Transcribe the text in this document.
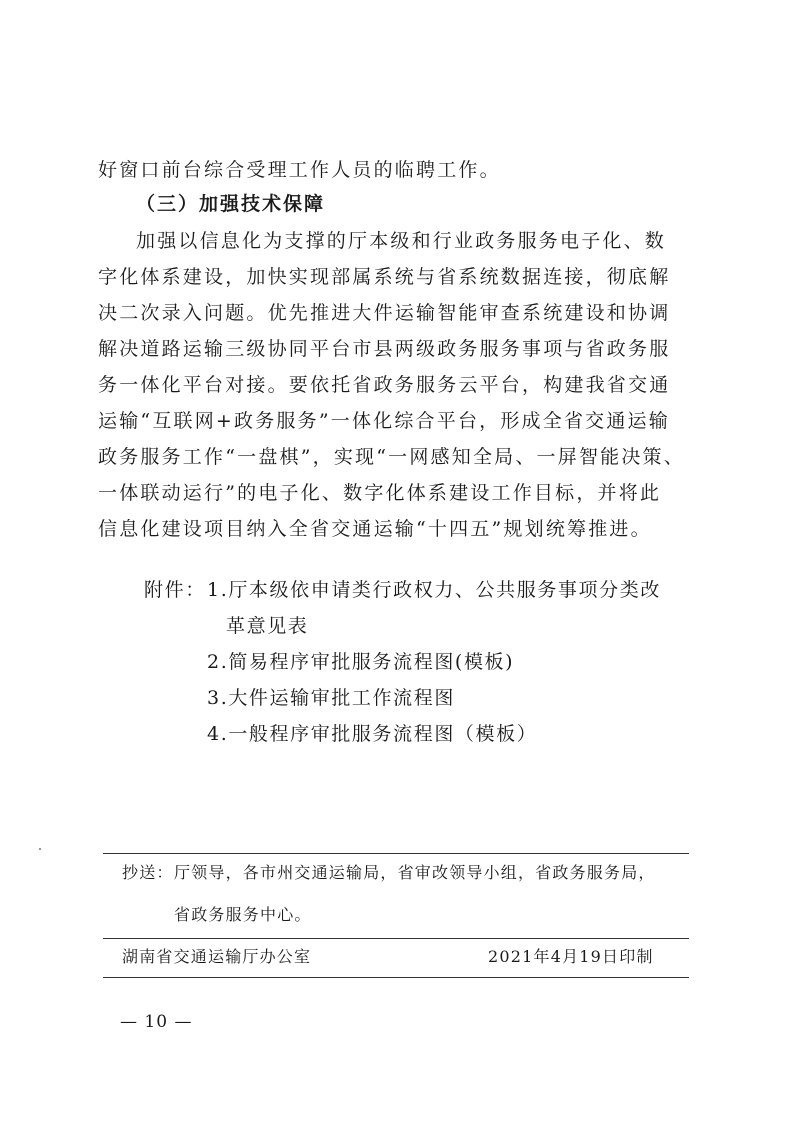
好窗口前台综合受理工作人员的临聘工作。
（三）加强技术保障
加强以信息化为支撑的厅本级和行业政务服务电子化、数
字化体系建设，加快实现部属系统与省系统数据连接，彻底解
决二次录入问题。优先推进大件运输智能审查系统建设和协调
解决道路运输三级协同平台市县两级政务服务事项与省政务服
务一体化平台对接。要依托省政务服务云平台，构建我省交通
运输“互联网+政务服务”一体化综合平台，形成全省交通运输
政务服务工作“一盘棋”，实现“一网感知全局、一屏智能决策、
一体联动运行”的电子化、数字化体系建设工作目标，并将此
信息化建设项目纳入全省交通运输“十四五”规划统筹推进。
附件： 1.厅本级依申请类行政权力、公共服务事项分类改
革意见表
2.简易程序审批服务流程图(模板)
3.大件运输审批工作流程图
4.一般程序审批服务流程图（模板）
抄送： 厅领导，各市州交通运输局，省审改领导小组，省政务服务局，
省政务服务中心。
湖南省交通运输厅办公室	2021年4月19日印制
— 10 —
